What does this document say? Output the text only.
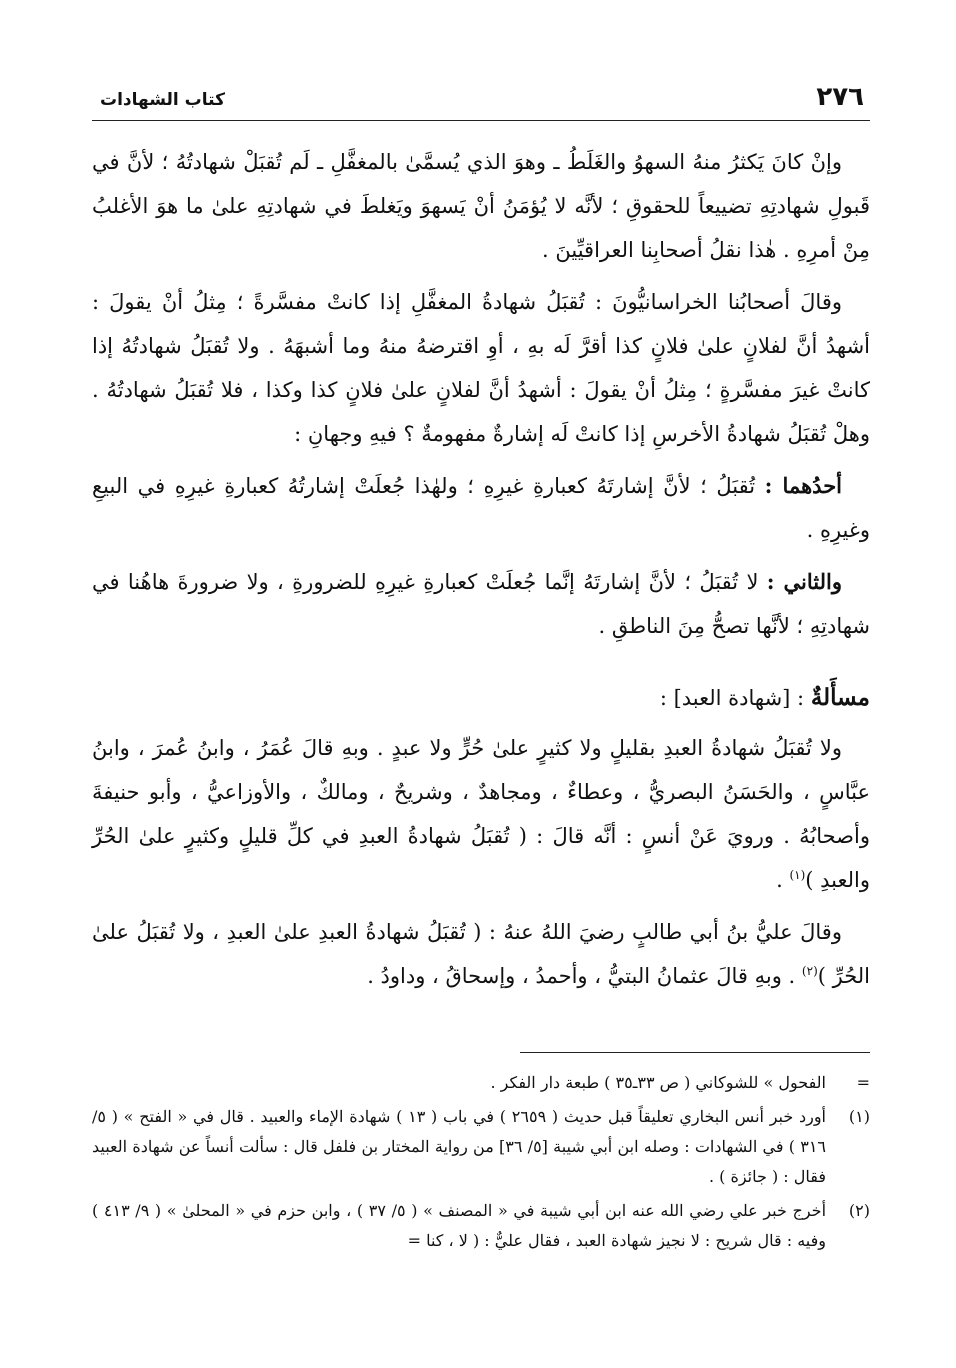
٢٧٦
كتاب الشهادات

وإنْ كانَ يَكثرُ منهُ السهوُ والغَلَطُ ـ وهوَ الذي يُسمَّىٰ بالمغفَّلِ ـ لَم تُقبَلْ شهادتُهُ ؛ لأنَّ في قَبولِ شهادتِهِ تضييعاً للحقوقِ ؛ لأنَّه لا يُؤمَنُ أنْ يَسهوَ ويَغلطَ في شهادتِهِ علىٰ ما هوَ الأغلبُ مِنْ أمرِهِ . هٰذا نقلُ أصحابِنا العراقيِّينَ .

وقالَ أصحابُنا الخراسانيُّونَ : تُقبَلُ شهادةُ المغفَّلِ إذا كانتْ مفسَّرةً ؛ مِثلُ أنْ يقولَ : أشهدُ أنَّ لفلانٍ علىٰ فلانٍ كذا أقرَّ لَه بهِ ، أوِ اقترضهُ منهُ وما أشبهَهُ . ولا تُقبَلُ شهادتُهُ إذا كانتْ غيرَ مفسَّرةٍ ؛ مِثلُ أنْ يقولَ : أشهدُ أنَّ لفلانٍ علىٰ فلانٍ كذا وكذا ، فلا تُقبَلُ شهادتُهُ . وهلْ تُقبَلُ شهادةُ الأخرسِ إذا كانتْ لَه إشارةٌ مفهومةٌ ؟ فيهِ وجهانِ :

أحدُهما : تُقبَلُ ؛ لأنَّ إشارتَهُ كعبارةِ غيرِهِ ؛ ولهٰذا جُعلَتْ إشارتُهُ كعبارةِ غيرِهِ في البيعِ وغيرِهِ .

والثاني : لا تُقبَلُ ؛ لأنَّ إشارتَهُ إنَّما جُعلَتْ كعبارةِ غيرِهِ للضرورةِ ، ولا ضرورةَ هاهُنا في شهادتِهِ ؛ لأنَّها تصحُّ مِنَ الناطقِ .

مسأَلةٌ : [شهادة العبد] :

ولا تُقبَلُ شهادةُ العبدِ بقليلٍ ولا كثيرٍ علىٰ حُرٍّ ولا عبدٍ . وبهِ قالَ عُمَرُ ، وابنُ عُمرَ ، وابنُ عبَّاسٍ ، والحَسَنُ البصريُّ ، وعطاءٌ ، ومجاهدٌ ، وشريحٌ ، ومالكٌ ، والأوزاعيُّ ، وأبو حنيفةَ وأصحابُهُ . ورويَ عَنْ أنسٍ : أنَّه قالَ : ( تُقبَلُ شهادةُ العبدِ في كلِّ قليلٍ وكثيرٍ علىٰ الحُرِّ والعبدِ )$^{(١)}$ .

وقالَ عليُّ بنُ أبي طالبٍ رضيَ اللهُ عنهُ : ( تُقبَلُ شهادةُ العبدِ علىٰ العبدِ ، ولا تُقبَلُ علىٰ الحُرِّ )$^{(٢)}$ . وبهِ قالَ عثمانُ البتيُّ ، وأحمدُ ، وإسحاقُ ، وداودُ .

=
الفحول » للشوكاني ( ص ٣٣ـ٣٥ ) طبعة دار الفكر .
(١)
أورد خبر أنس البخاري تعليقاً قبل حديث ( ٢٦٥٩ ) في باب ( ١٣ ) شهادة الإماء والعبيد . قال في « الفتح » ( ٥/ ٣١٦ ) في الشهادات : وصله ابن أبي شيبة [٥/ ٣٦] من رواية المختار بن فلفل قال : سألت أنساً عن شهادة العبيد فقال : ( جائزة ) .
(٢)
أخرج خبر علي رضي الله عنه ابن أبي شيبة في « المصنف » ( ٥/ ٣٧ ) ، وابن حزم في « المحلىٰ » ( ٩/ ٤١٣ ) وفيه : قال شريح : لا نجيز شهادة العبد ، فقال عليٌّ : ( لا ، كنا =
